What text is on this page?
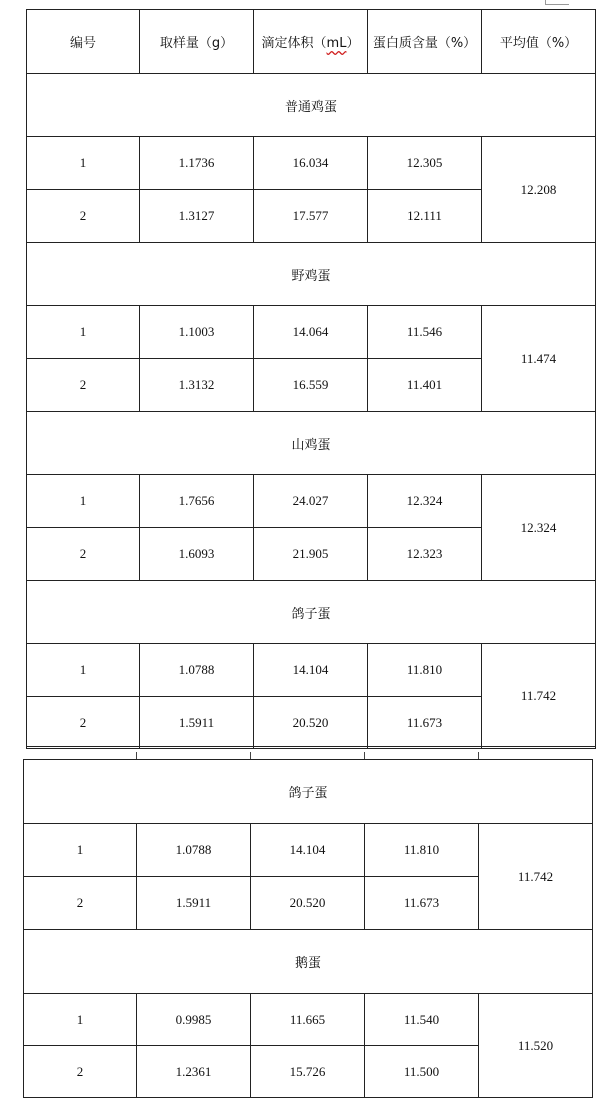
编号	取样量（g）	滴定体积（mL）	蛋白质含量（%）	平均值（%）
普通鸡蛋				
1	1.1736	16.034	12.305	12.208
2	1.3127	17.577	12.111	
野鸡蛋				
1	1.1003	14.064	11.546	11.474
2	1.3132	16.559	11.401	
山鸡蛋				
1	1.7656	24.027	12.324	12.324
2	1.6093	21.905	12.323	
鸽子蛋				
1	1.0788	14.104	11.810	11.742
2	1.5911	20.520	11.673	
鸽子蛋				
1	1.0788	14.104	11.810	11.742
2	1.5911	20.520	11.673	
鹅蛋				
1	0.9985	11.665	11.540	11.520
2	1.2361	15.726	11.500	
